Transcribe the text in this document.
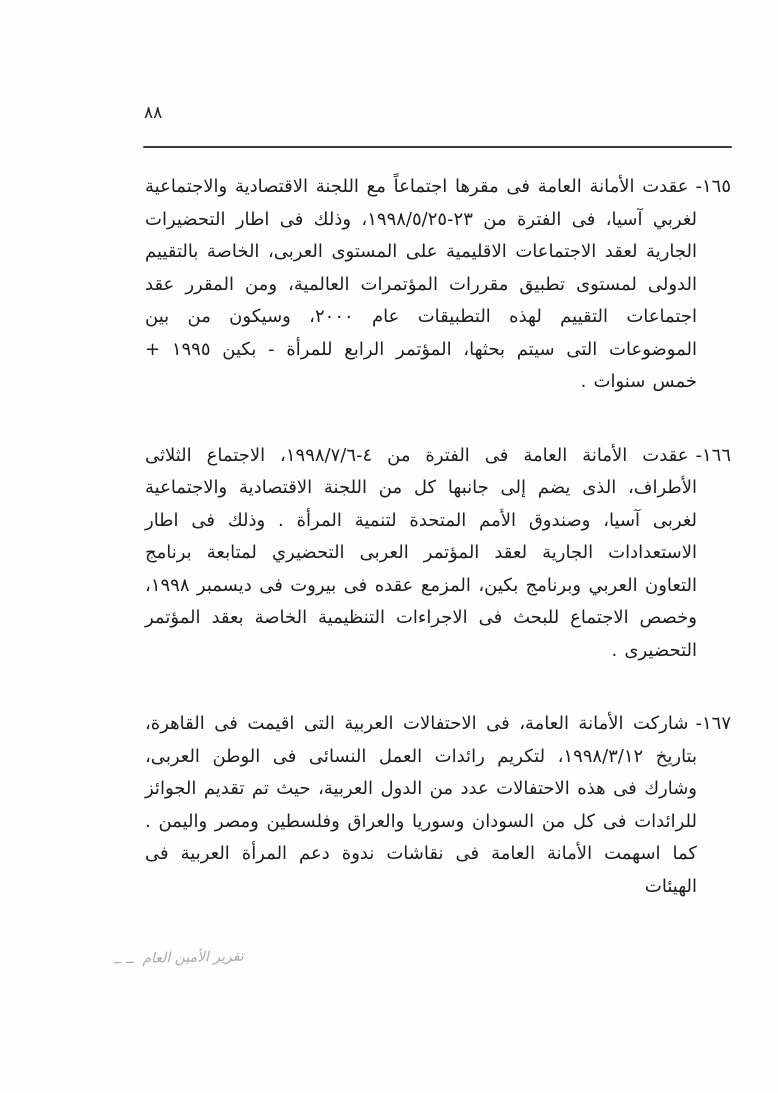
٨٨

١٦٥-عقدت الأمانة العامة فى مقرها اجتماعاً مع اللجنة الاقتصادية والاجتماعية لغربي آسيا، فى الفترة من ٢٣-١٩٩٨/٥/٢٥، وذلك فى اطار التحضيرات الجارية لعقد الاجتماعات الاقليمية على المستوى العربى، الخاصة بالتقييم الدولى لمستوى تطبيق مقررات المؤتمرات العالمية، ومن المقرر عقد اجتماعات التقييم لهذه التطبيقات عام ٢٠٠٠، وسيكون من بين الموضوعات التى سيتم بحثها، المؤتمر الرابع للمرأة - بكين ١٩٩٥ + خمس سنوات .

١٦٦-عقدت الأمانة العامة فى الفترة من ٤-١٩٩٨/٧/٦، الاجتماع الثلاثى الأطراف، الذى يضم إلى جانبها كل من اللجنة الاقتصادية والاجتماعية لغربى آسيا، وصندوق الأمم المتحدة لتنمية المرأة . وذلك فى اطار الاستعدادات الجارية لعقد المؤتمر العربى التحضيري لمتابعة برنامج التعاون العربي وبرنامج بكين، المزمع عقده فى بيروت فى ديسمبر ١٩٩٨، وخصص الاجتماع للبحث فى الاجراءات التنظيمية الخاصة بعقد المؤتمر التحضيرى .

١٦٧-شاركت الأمانة العامة، فى الاحتفالات العربية التى اقيمت فى القاهرة، بتاريخ ١٩٩٨/٣/١٢، لتكريم رائدات العمل النسائى فى الوطن العربى، وشارك فى هذه الاحتفالات عدد من الدول العربية، حيث تم تقديم الجوائز للرائدات فى كل من السودان وسوريا والعراق وفلسطين ومصر واليمن . كما اسهمت الأمانة العامة فى نقاشات ندوة دعم المرأة العربية فى الهيئات

تقرير الأمين العام
ــ ــ
